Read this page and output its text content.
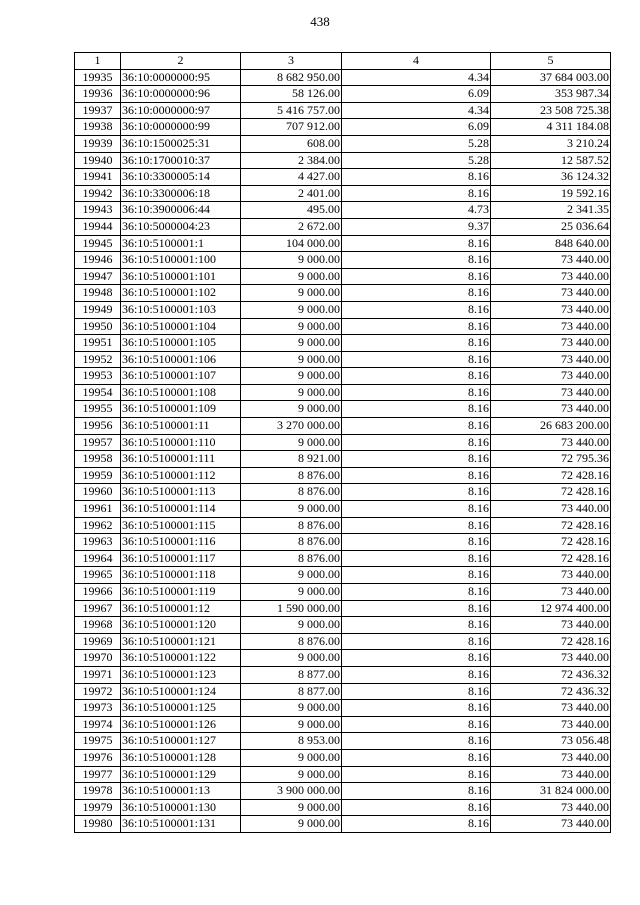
438
1	2	3	4	5
19935	36:10:0000000:95	8 682 950.00	4.34	37 684 003.00
19936	36:10:0000000:96	58 126.00	6.09	353 987.34
19937	36:10:0000000:97	5 416 757.00	4.34	23 508 725.38
19938	36:10:0000000:99	707 912.00	6.09	4 311 184.08
19939	36:10:1500025:31	608.00	5.28	3 210.24
19940	36:10:1700010:37	2 384.00	5.28	12 587.52
19941	36:10:3300005:14	4 427.00	8.16	36 124.32
19942	36:10:3300006:18	2 401.00	8.16	19 592.16
19943	36:10:3900006:44	495.00	4.73	2 341.35
19944	36:10:5000004:23	2 672.00	9.37	25 036.64
19945	36:10:5100001:1	104 000.00	8.16	848 640.00
19946	36:10:5100001:100	9 000.00	8.16	73 440.00
19947	36:10:5100001:101	9 000.00	8.16	73 440.00
19948	36:10:5100001:102	9 000.00	8.16	73 440.00
19949	36:10:5100001:103	9 000.00	8.16	73 440.00
19950	36:10:5100001:104	9 000.00	8.16	73 440.00
19951	36:10:5100001:105	9 000.00	8.16	73 440.00
19952	36:10:5100001:106	9 000.00	8.16	73 440.00
19953	36:10:5100001:107	9 000.00	8.16	73 440.00
19954	36:10:5100001:108	9 000.00	8.16	73 440.00
19955	36:10:5100001:109	9 000.00	8.16	73 440.00
19956	36:10:5100001:11	3 270 000.00	8.16	26 683 200.00
19957	36:10:5100001:110	9 000.00	8.16	73 440.00
19958	36:10:5100001:111	8 921.00	8.16	72 795.36
19959	36:10:5100001:112	8 876.00	8.16	72 428.16
19960	36:10:5100001:113	8 876.00	8.16	72 428.16
19961	36:10:5100001:114	9 000.00	8.16	73 440.00
19962	36:10:5100001:115	8 876.00	8.16	72 428.16
19963	36:10:5100001:116	8 876.00	8.16	72 428.16
19964	36:10:5100001:117	8 876.00	8.16	72 428.16
19965	36:10:5100001:118	9 000.00	8.16	73 440.00
19966	36:10:5100001:119	9 000.00	8.16	73 440.00
19967	36:10:5100001:12	1 590 000.00	8.16	12 974 400.00
19968	36:10:5100001:120	9 000.00	8.16	73 440.00
19969	36:10:5100001:121	8 876.00	8.16	72 428.16
19970	36:10:5100001:122	9 000.00	8.16	73 440.00
19971	36:10:5100001:123	8 877.00	8.16	72 436.32
19972	36:10:5100001:124	8 877.00	8.16	72 436.32
19973	36:10:5100001:125	9 000.00	8.16	73 440.00
19974	36:10:5100001:126	9 000.00	8.16	73 440.00
19975	36:10:5100001:127	8 953.00	8.16	73 056.48
19976	36:10:5100001:128	9 000.00	8.16	73 440.00
19977	36:10:5100001:129	9 000.00	8.16	73 440.00
19978	36:10:5100001:13	3 900 000.00	8.16	31 824 000.00
19979	36:10:5100001:130	9 000.00	8.16	73 440.00
19980	36:10:5100001:131	9 000.00	8.16	73 440.00
